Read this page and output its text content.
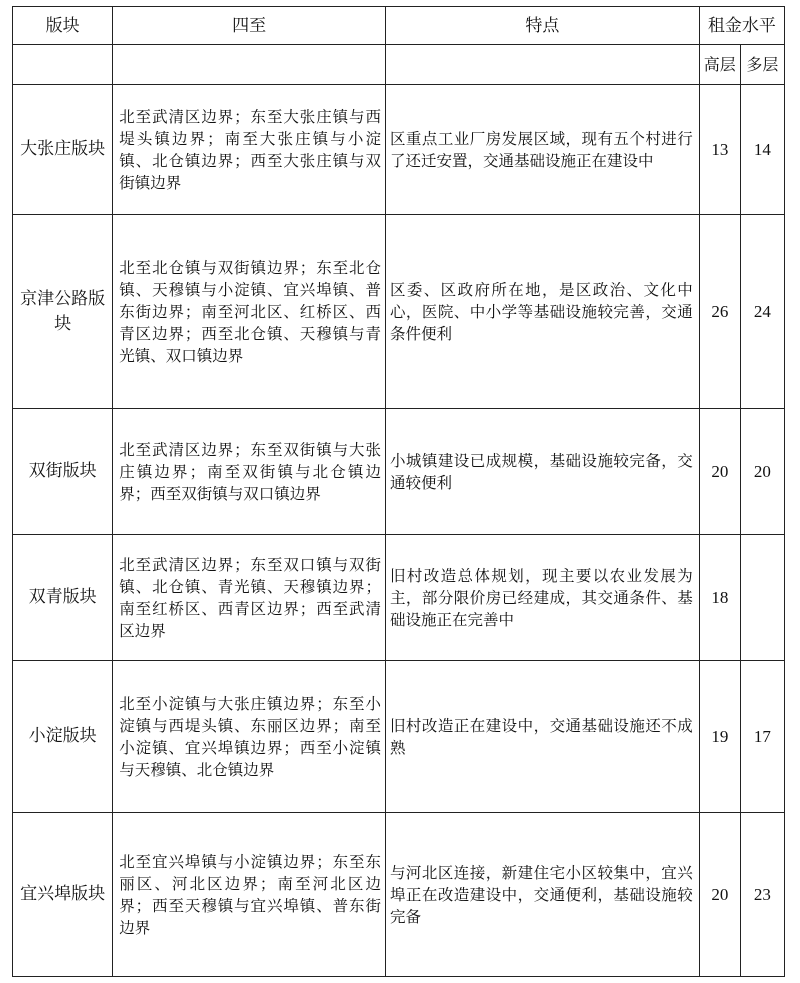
版块	四至	特点	租金水平	
			高层	多层
大张庄版块	北至武清区边界；东至大张庄镇与西堤头镇边界；南至大张庄镇与小淀镇、北仓镇边界；西至大张庄镇与双街镇边界	区重点工业厂房发展区域，现有五个村进行了还迁安置，交通基础设施正在建设中	13	14
京津公路版块	北至北仓镇与双街镇边界；东至北仓镇、天穆镇与小淀镇、宜兴埠镇、普东街边界；南至河北区、红桥区、西青区边界；西至北仓镇、天穆镇与青光镇、双口镇边界	区委、区政府所在地，是区政治、文化中心，医院、中小学等基础设施较完善，交通条件便利	26	24
双街版块	北至武清区边界；东至双街镇与大张庄镇边界；南至双街镇与北仓镇边界；西至双街镇与双口镇边界	小城镇建设已成规模，基础设施较完备，交通较便利	20	20
双青版块	北至武清区边界；东至双口镇与双街镇、北仓镇、青光镇、天穆镇边界；南至红桥区、西青区边界；西至武清区边界	旧村改造总体规划，现主要以农业发展为主，部分限价房已经建成，其交通条件、基础设施正在完善中	18	
小淀版块	北至小淀镇与大张庄镇边界；东至小淀镇与西堤头镇、东丽区边界；南至小淀镇、宜兴埠镇边界；西至小淀镇与天穆镇、北仓镇边界	旧村改造正在建设中，交通基础设施还不成熟	19	17
宜兴埠版块	北至宜兴埠镇与小淀镇边界；东至东丽区、河北区边界；南至河北区边界；西至天穆镇与宜兴埠镇、普东街边界	与河北区连接，新建住宅小区较集中，宜兴埠正在改造建设中，交通便利，基础设施较完备	20	23
